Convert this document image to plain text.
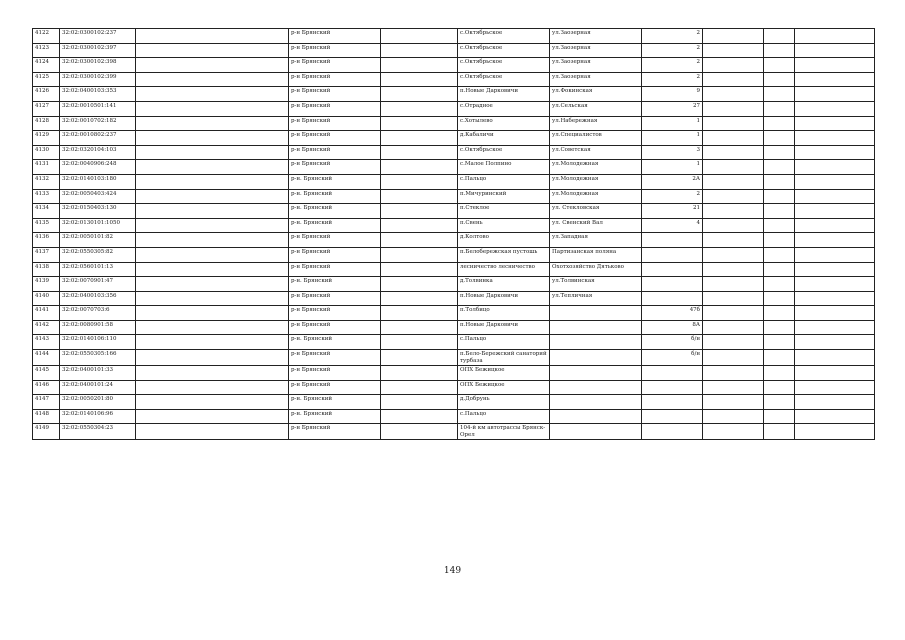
4122	32:02:0300102:237		р-н Брянский		с.Октябрьское	ул.Заозерная	2			
4123	32:02:0300102:397		р-н Брянский		с.Октябрьское	ул.Заозерная	2			
4124	32:02:0300102:398		р-н Брянский		с.Октябрьское	ул.Заозерная	2			
4125	32:02:0300102:399		р-н Брянский		с.Октябрьское	ул.Заозерная	2			
4126	32:02:0400103:353		р-н Брянский		п.Новые Дарковичи	ул.Фокинская	9			
4127	32:02:0010501:141		р-н Брянский		с.Отрадное	ул.Сельская	27			
4128	32:02:0010702:182		р-н Брянский		с.Хотылево	ул.Набережная	1			
4129	32:02:0010802:237		р-н Брянский		д.Кабаличи	ул.Специалистов	1			
4130	32:02:0320104:103		р-н Брянский		с.Октябрьское	ул.Советская	3			
4131	32:02:0040906:248		р-н Брянский		с.Малое Полпино	ул.Молодежная	1			
4132	32:02:0140103:180		р-н. Брянский		с.Пальцо	ул.Молодежная	2А			
4133	32:02:0050403:424		р-н. Брянский		п.Мичуринский	ул.Молодежная	2			
4134	32:02:0150403:130		р-н. Брянский		п.Стеклое	ул. Стекловская	21			
4135	32:02:0130101:1050		р-н. Брянский		п.Свень	ул. Свенский Вал	4			
4136	32:02:0050101:82		р-н Брянский		д.Колтово	ул.Западная				
4137	32:02:0550305:82		р-н Брянский		п.Белобережская пустошь	Партизанская поляна				
4138	32:02:0560101:13		р-н Брянский		лесничество лесничество	Охотхозяйство Дятьково				
4139	32:02:0070901:47		р-н. Брянский		д.Толвинка	ул.Толвинская				
4140	32:02:0400103:356		р-н Брянский		п.Новые Дарковичи	ул.Тепличная				
4141	32:02:0070703:6		р-н Брянский		п.Толбицо		47б			
4142	32:02:0080901:58		р-н Брянский		п.Новые Дарковичи		8А			
4143	32:02:0140106:110		р-н. Брянский		с.Пальцо		б/н			
4144	32:02:0550305:166		р-н Брянский		п.Бело-Бережский санаторий турбаза		б/н			
4145	32:02:0400101:33		р-н Брянский		ОПХ Бежицкое					
4146	32:02:0400101:24		р-н Брянский		ОПХ Бежицкое					
4147	32:02:0050201:80		р-н. Брянский		д.Добрунь					
4148	32:02:0140106:96		р-н. Брянский		с.Пальцо					
4149	32:02:0550304:23		р-н Брянский		104-й км автотрассы Брянск-Орел					
149
